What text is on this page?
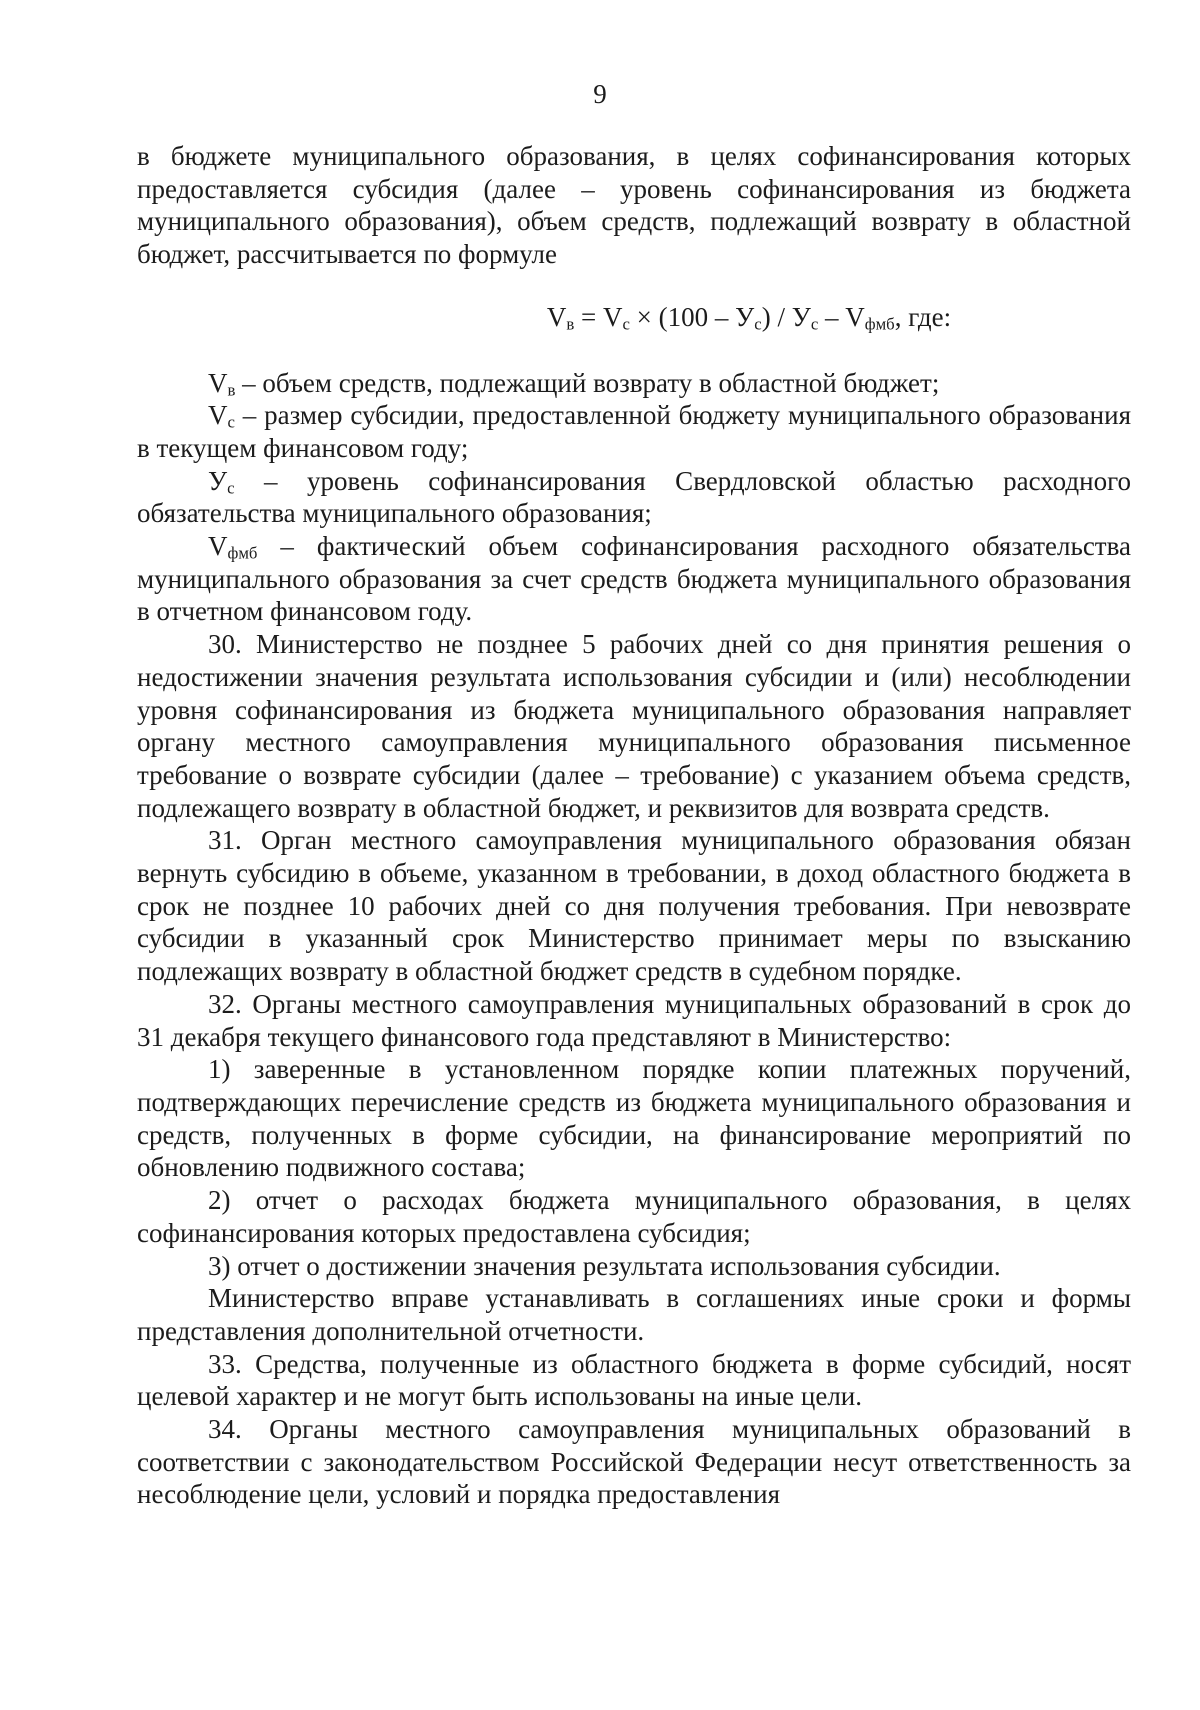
9

в бюджете муниципального образования, в целях софинансирования которых предоставляется субсидия (далее – уровень софинансирования из бюджета муниципального образования), объем средств, подлежащий возврату в областной бюджет, рассчитывается по формуле

$V_в = V_с \times (100 - У_с) / У_с - V_{фмб}$, где:

$V_в$ – объем средств, подлежащий возврату в областной бюджет;

$V_с$ – размер субсидии, предоставленной бюджету муниципального образования в текущем финансовом году;

$У_с$ – уровень софинансирования Свердловской областью расходного обязательства муниципального образования;

$V_{фмб}$ – фактический объем софинансирования расходного обязательства муниципального образования за счет средств бюджета муниципального образования в отчетном финансовом году.

30. Министерство не позднее 5 рабочих дней со дня принятия решения о недостижении значения результата использования субсидии и (или) несоблюдении уровня софинансирования из бюджета муниципального образования направляет органу местного самоуправления муниципального образования письменное требование о возврате субсидии (далее – требование) с указанием объема средств, подлежащего возврату в областной бюджет, и реквизитов для возврата средств.

31. Орган местного самоуправления муниципального образования обязан вернуть субсидию в объеме, указанном в требовании, в доход областного бюджета в срок не позднее 10 рабочих дней со дня получения требования. При невозврате субсидии в указанный срок Министерство принимает меры по взысканию подлежащих возврату в областной бюджет средств в судебном порядке.

32. Органы местного самоуправления муниципальных образований в срок до 31 декабря текущего финансового года представляют в Министерство:

1) заверенные в установленном порядке копии платежных поручений, подтверждающих перечисление средств из бюджета муниципального образования и средств, полученных в форме субсидии, на финансирование мероприятий по обновлению подвижного состава;

2) отчет о расходах бюджета муниципального образования, в целях софинансирования которых предоставлена субсидия;

3) отчет о достижении значения результата использования субсидии.

Министерство вправе устанавливать в соглашениях иные сроки и формы представления дополнительной отчетности.

33. Средства, полученные из областного бюджета в форме субсидий, носят целевой характер и не могут быть использованы на иные цели.

34. Органы местного самоуправления муниципальных образований в соответствии с законодательством Российской Федерации несут ответственность за несоблюдение цели, условий и порядка предоставления
